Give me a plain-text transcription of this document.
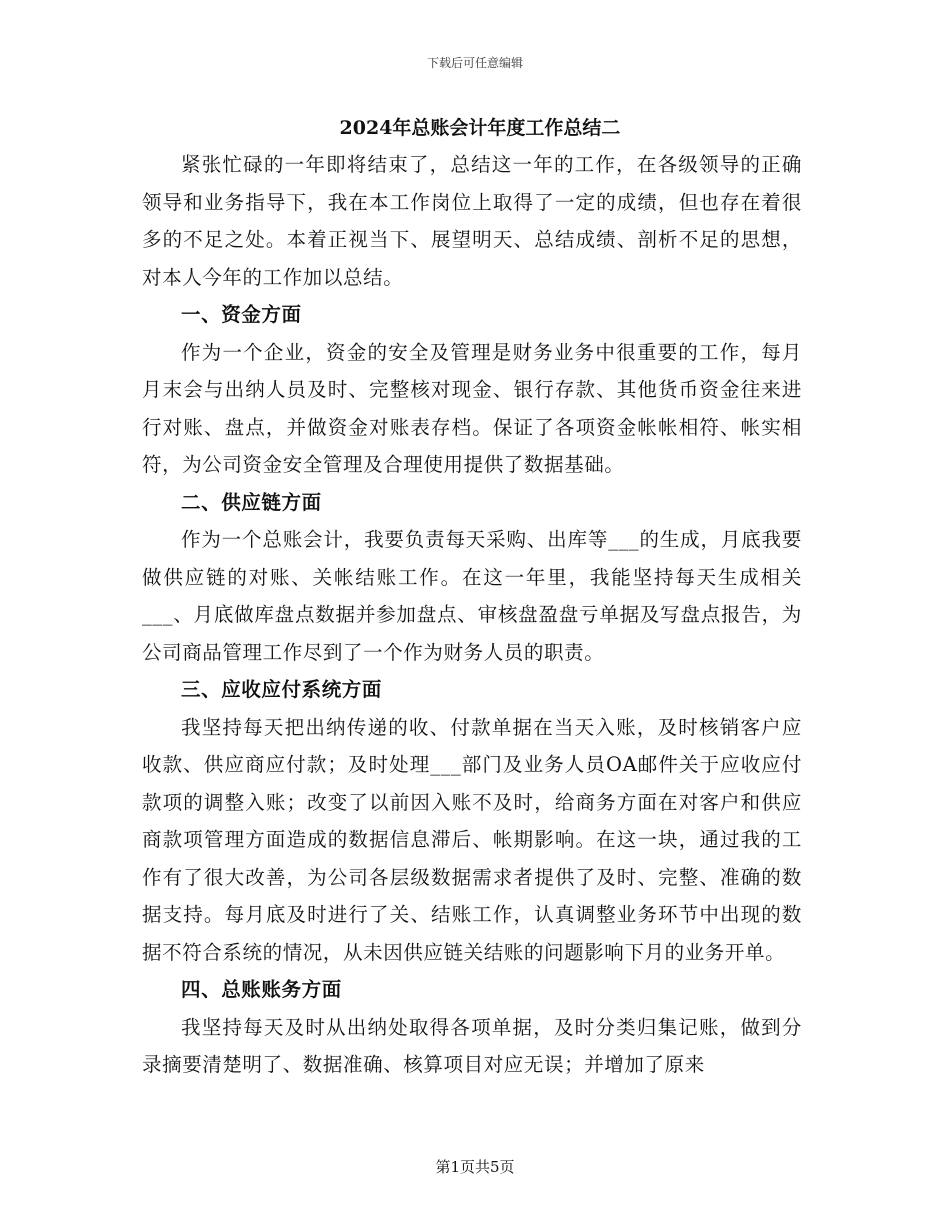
下载后可任意编辑
2024年总账会计年度工作总结二

紧张忙碌的一年即将结束了，总结这一年的工作，在各级领导的正确领导和业务指导下，我在本工作岗位上取得了一定的成绩，但也存在着很多的不足之处。本着正视当下、展望明天、总结成绩、剖析不足的思想，对本人今年的工作加以总结。

一、资金方面

作为一个企业，资金的安全及管理是财务业务中很重要的工作，每月月末会与出纳人员及时、完整核对现金、银行存款、其他货币资金往来进行对账、盘点，并做资金对账表存档。保证了各项资金帐帐相符、帐实相符，为公司资金安全管理及合理使用提供了数据基础。

二、供应链方面

作为一个总账会计，我要负责每天采购、出库等___的生成，月底我要做供应链的对账、关帐结账工作。在这一年里，我能坚持每天生成相关___、月底做库盘点数据并参加盘点、审核盘盈盘亏单据及写盘点报告，为公司商品管理工作尽到了一个作为财务人员的职责。

三、应收应付系统方面

我坚持每天把出纳传递的收、付款单据在当天入账，及时核销客户应收款、供应商应付款；及时处理___部门及业务人员OA邮件关于应收应付款项的调整入账；改变了以前因入账不及时，给商务方面在对客户和供应商款项管理方面造成的数据信息滞后、帐期影响。在这一块，通过我的工作有了很大改善，为公司各层级数据需求者提供了及时、完整、准确的数据支持。每月底及时进行了关、结账工作，认真调整业务环节中出现的数据不符合系统的情况，从未因供应链关结账的问题影响下月的业务开单。

四、总账账务方面

我坚持每天及时从出纳处取得各项单据，及时分类归集记账，做到分录摘要清楚明了、数据准确、核算项目对应无误；并增加了原来

第1页共5页
